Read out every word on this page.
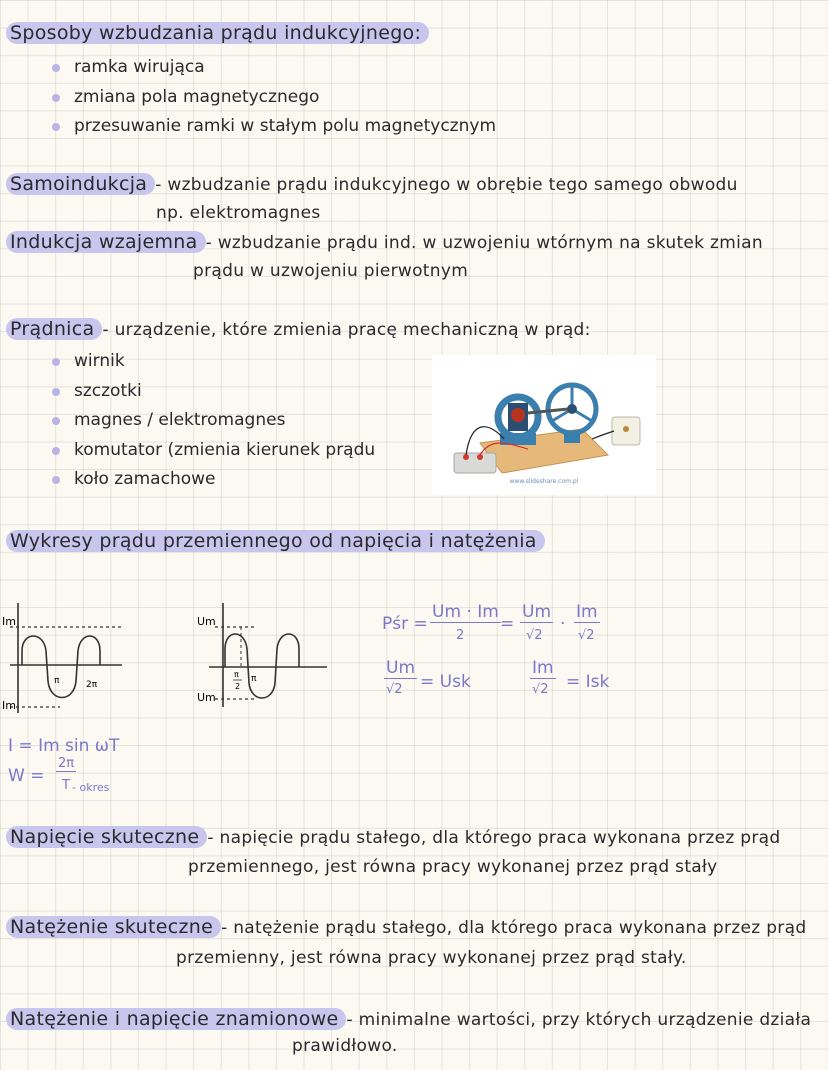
Sposoby wzbudzania prądu indukcyjnego:
ramka wirująca
zmiana pola magnetycznego
przesuwanie ramki w stałym polu magnetycznym
Samoindukcja - wzbudzanie prądu indukcyjnego w obrębie tego samego obwodu
np. elektromagnes
Indukcja wzajemna - wzbudzanie prądu ind. w uzwojeniu wtórnym na skutek zmian
prądu w uzwojeniu pierwotnym
Prądnica - urządzenie, które zmienia pracę mechaniczną w prąd:
wirnik
szczotki
magnes / elektromagnes
komutator (zmienia kierunek prądu
koło zamachowe	www.slideshare.com.pl
Wykresy prądu przemiennego od napięcia i natężenia
Im
Im
π	2π
Um
Um
π
2
π
I = Im sin ωT
W =
2π
T - okres
Pśr =
Um · Im
2
=
Um
√2
·
Im
√2
Um
√2 = Usk
Im
√2 = Isk
Napięcie skuteczne - napięcie prądu stałego, dla którego praca wykonana przez prąd
przemiennego, jest równa pracy wykonanej przez prąd stały
Natężenie skuteczne - natężenie prądu stałego, dla którego praca wykonana przez prąd
przemienny, jest równa pracy wykonanej przez prąd stały.
Natężenie i napięcie znamionowe - minimalne wartości, przy których urządzenie działa
prawidłowo.
